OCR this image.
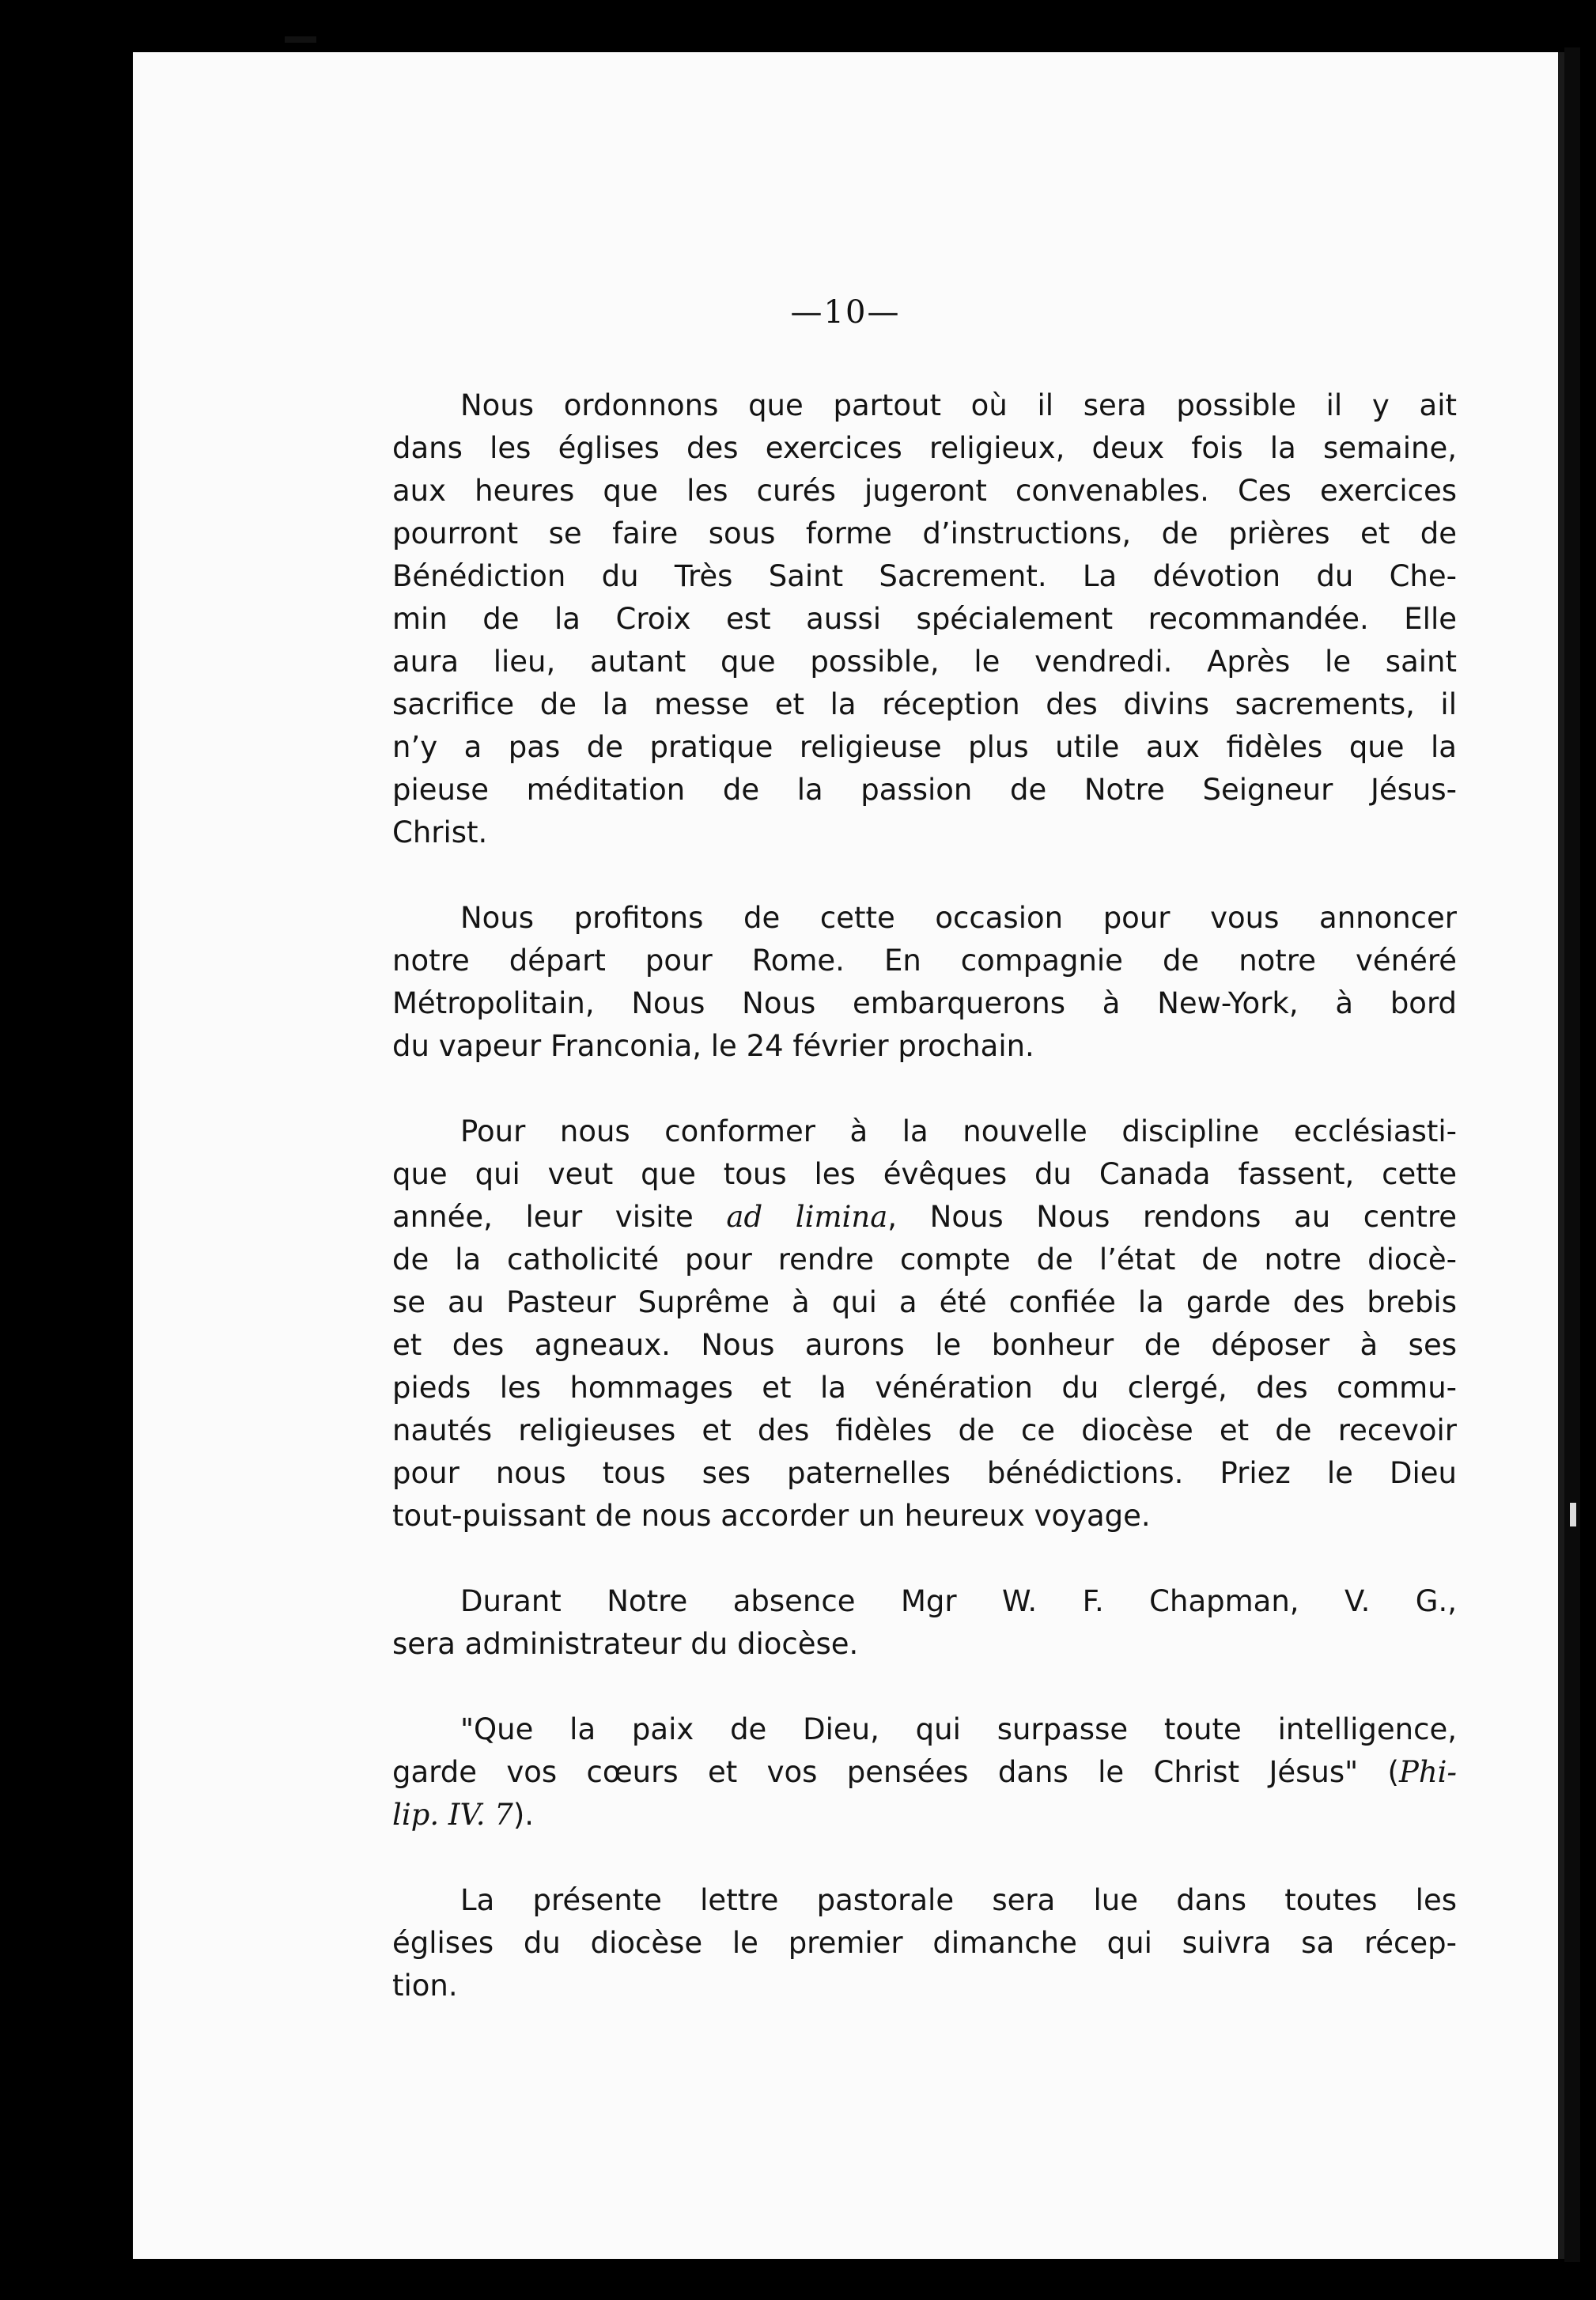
—10—
Nous ordonnons que partout où il sera possible il y ait
dans les églises des exercices religieux, deux fois la semaine,
aux heures que les curés jugeront convenables. Ces exercices
pourront se faire sous forme d’instructions, de prières et de
Bénédiction du Très Saint Sacrement. La dévotion du Che-
min de la Croix est aussi spécialement recommandée. Elle
aura lieu, autant que possible, le vendredi. Après le saint
sacrifice de la messe et la réception des divins sacrements, il
n’y a pas de pratique religieuse plus utile aux fidèles que la
pieuse méditation de la passion de Notre Seigneur Jésus-
Christ.
Nous profitons de cette occasion pour vous annoncer
notre départ pour Rome. En compagnie de notre vénéré
Métropolitain, Nous Nous embarquerons à New-York, à bord
du vapeur Franconia, le 24 février prochain.
Pour nous conformer à la nouvelle discipline ecclésiasti-
que qui veut que tous les évêques du Canada fassent, cette
année, leur visite ad limina, Nous Nous rendons au centre
de la catholicité pour rendre compte de l’état de notre diocè-
se au Pasteur Suprême à qui a été confiée la garde des brebis
et des agneaux. Nous aurons le bonheur de déposer à ses
pieds les hommages et la vénération du clergé, des commu-
nautés religieuses et des fidèles de ce diocèse et de recevoir
pour nous tous ses paternelles bénédictions. Priez le Dieu
tout-puissant de nous accorder un heureux voyage.
Durant Notre absence Mgr W. F. Chapman, V. G.,
sera administrateur du diocèse.
"Que la paix de Dieu, qui surpasse toute intelligence,
garde vos cœurs et vos pensées dans le Christ Jésus" (Phi-
lip. IV. 7).
La présente lettre pastorale sera lue dans toutes les
églises du diocèse le premier dimanche qui suivra sa récep-
tion.
